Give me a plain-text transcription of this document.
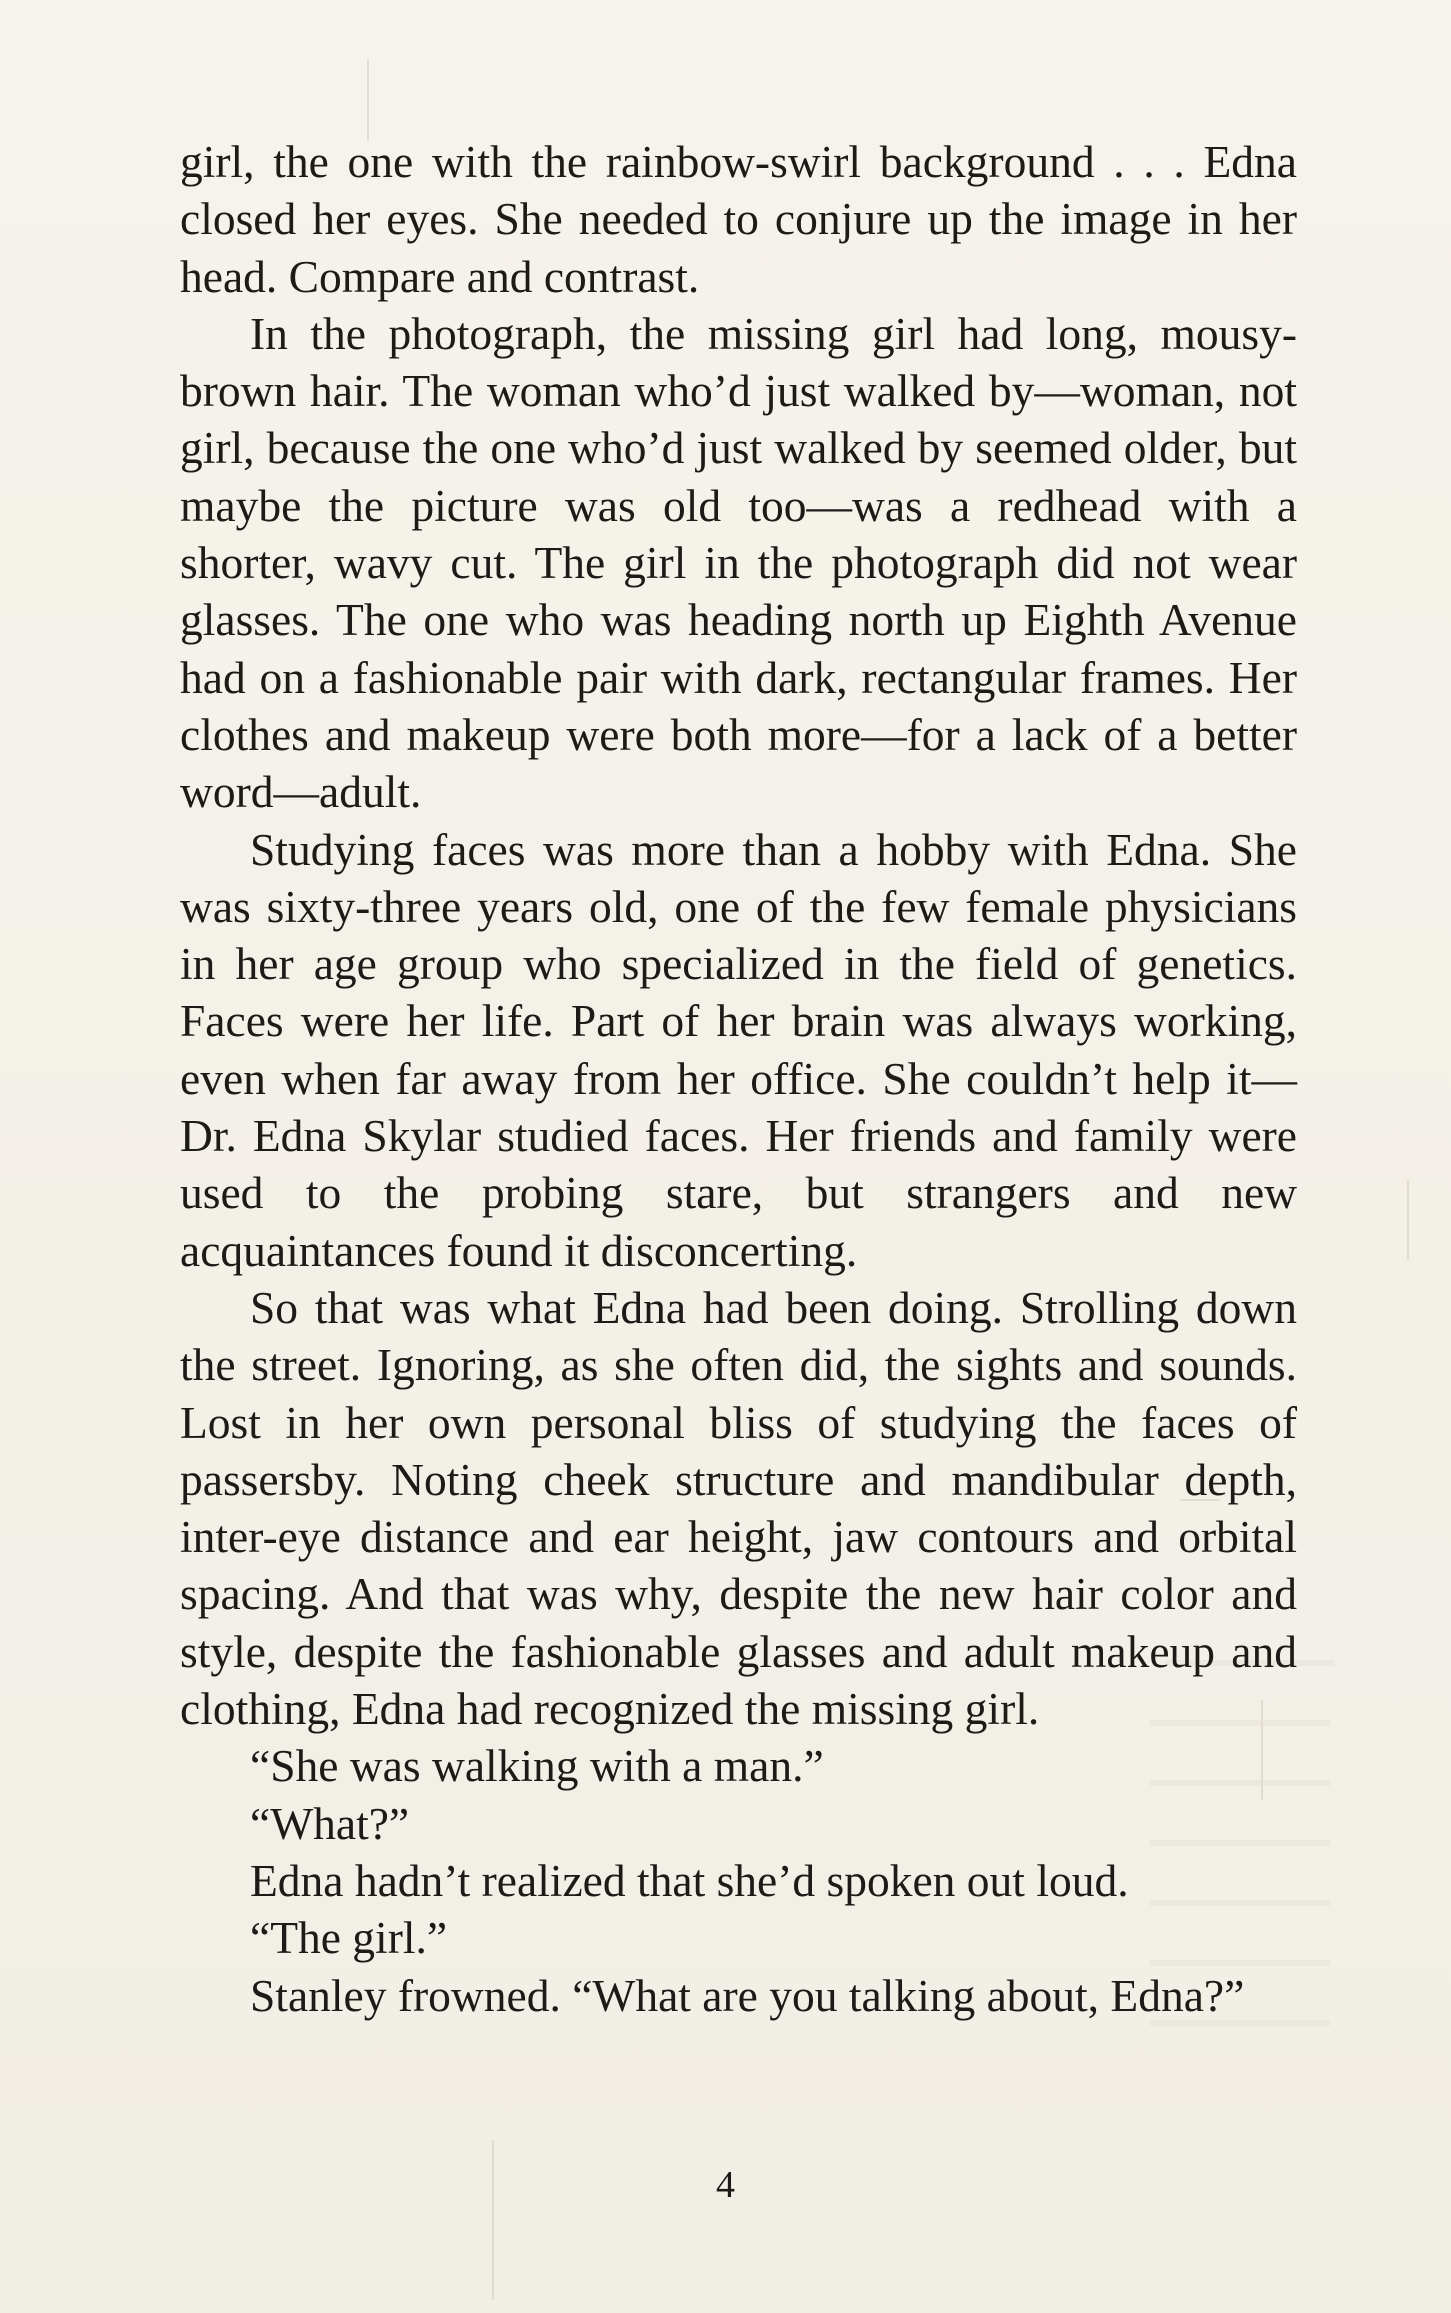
girl, the one with the rainbow-swirl background . . . Edna closed her eyes. She needed to conjure up the image in her head. Compare and contrast.

In the photograph, the missing girl had long, mousy-brown hair. The woman who’d just walked by—woman, not girl, because the one who’d just walked by seemed older, but maybe the picture was old too—was a redhead with a shorter, wavy cut. The girl in the photograph did not wear glasses. The one who was heading north up Eighth Avenue had on a fashionable pair with dark, rectangular frames. Her clothes and makeup were both more—for a lack of a better word—adult.

Studying faces was more than a hobby with Edna. She was sixty-three years old, one of the few female physicians in her age group who specialized in the field of genetics. Faces were her life. Part of her brain was always working, even when far away from her office. She couldn’t help it—Dr. Edna Skylar studied faces. Her friends and family were used to the probing stare, but strangers and new acquaintances found it disconcerting.

So that was what Edna had been doing. Strolling down the street. Ignoring, as she often did, the sights and sounds. Lost in her own personal bliss of studying the faces of passersby. Noting cheek structure and mandibular depth, inter-eye distance and ear height, jaw contours and orbital spacing. And that was why, despite the new hair color and style, despite the fashionable glasses and adult makeup and clothing, Edna had recognized the missing girl.

“She was walking with a man.”

“What?”

Edna hadn’t realized that she’d spoken out loud.

“The girl.”

Stanley frowned. “What are you talking about, Edna?”

4
